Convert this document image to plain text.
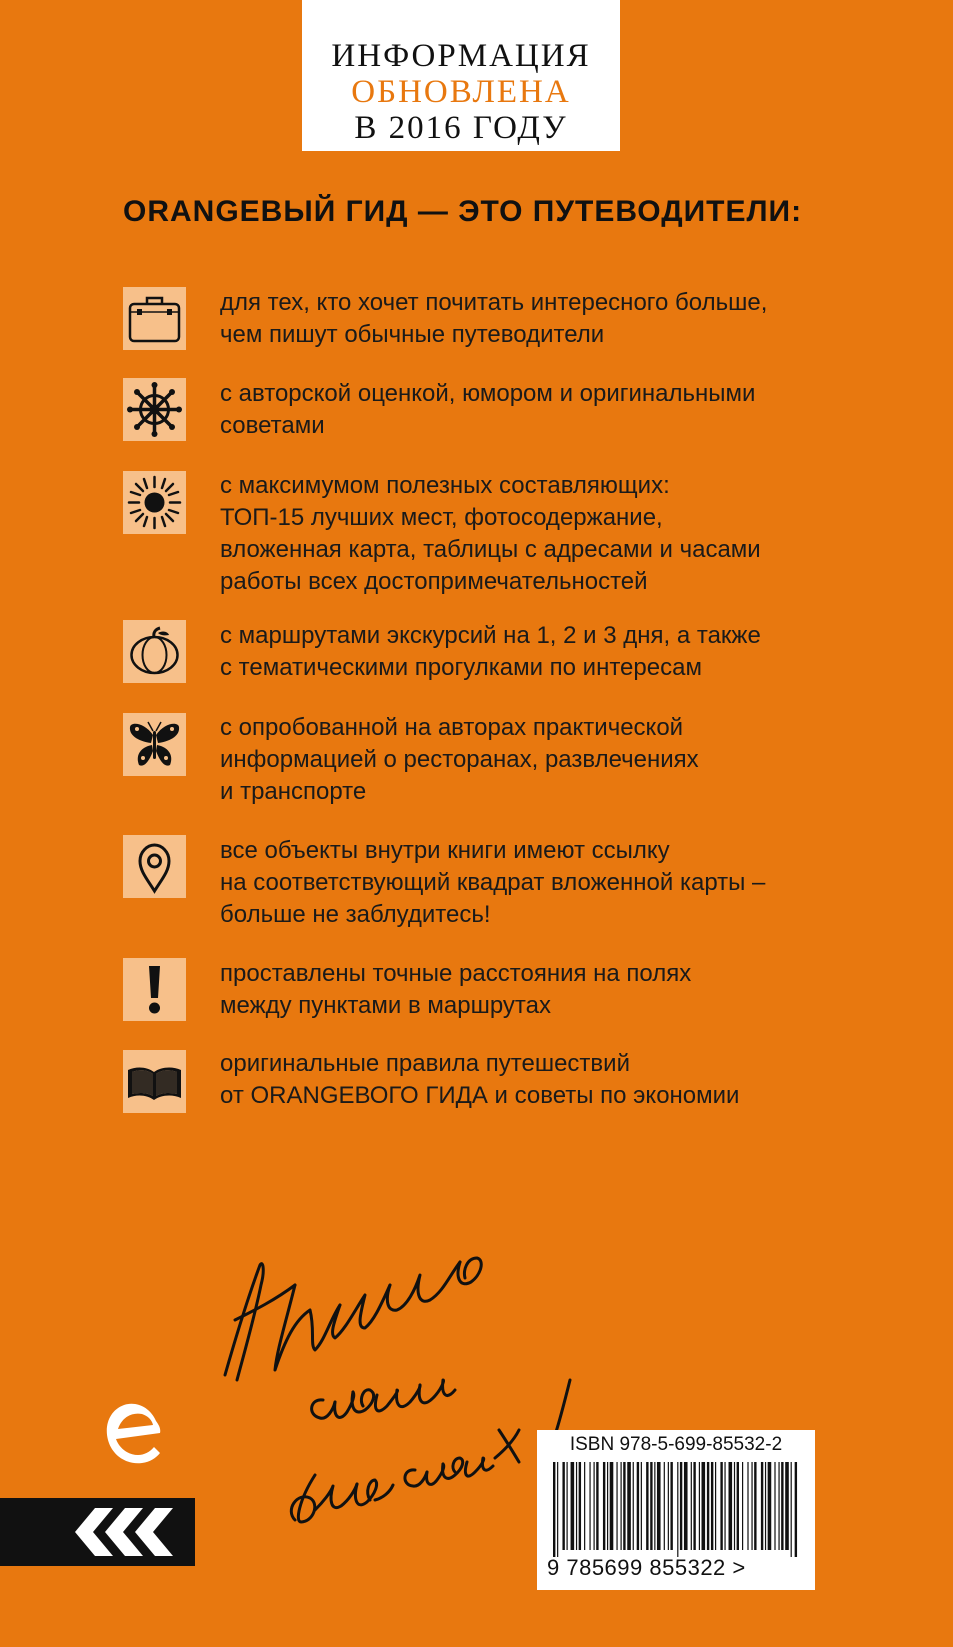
ИНФОРМАЦИЯ
ОБНОВЛЕНА
В 2016 ГОДУ
ORANGEВЫЙ ГИД — ЭТО ПУТЕВОДИТЕЛИ:
для тех, кто хочет почитать интересного больше,
чем пишут обычные путеводители
с авторской оценкой, юмором и оригинальными
советами
с максимумом полезных составляющих:
ТОП-15 лучших мест, фотосодержание,
вложенная карта, таблицы с адресами и часами
работы всех достопримечательностей
с маршрутами экскурсий на 1, 2 и 3 дня, а также
с тематическими прогулками по интересам
с опробованной на авторах практической
информацией о ресторанах, развлечениях
и транспорте
все объекты внутри книги имеют ссылку
на соответствующий квадрат вложенной карты –
больше не заблудитесь!
проставлены точные расстояния на полях
между пунктами в маршрутах
оригинальные правила путешествий
от ORANGEВОГО ГИДА и советы по экономии
ISBN 978-5-699-85532-2
9 785699 855322 >
